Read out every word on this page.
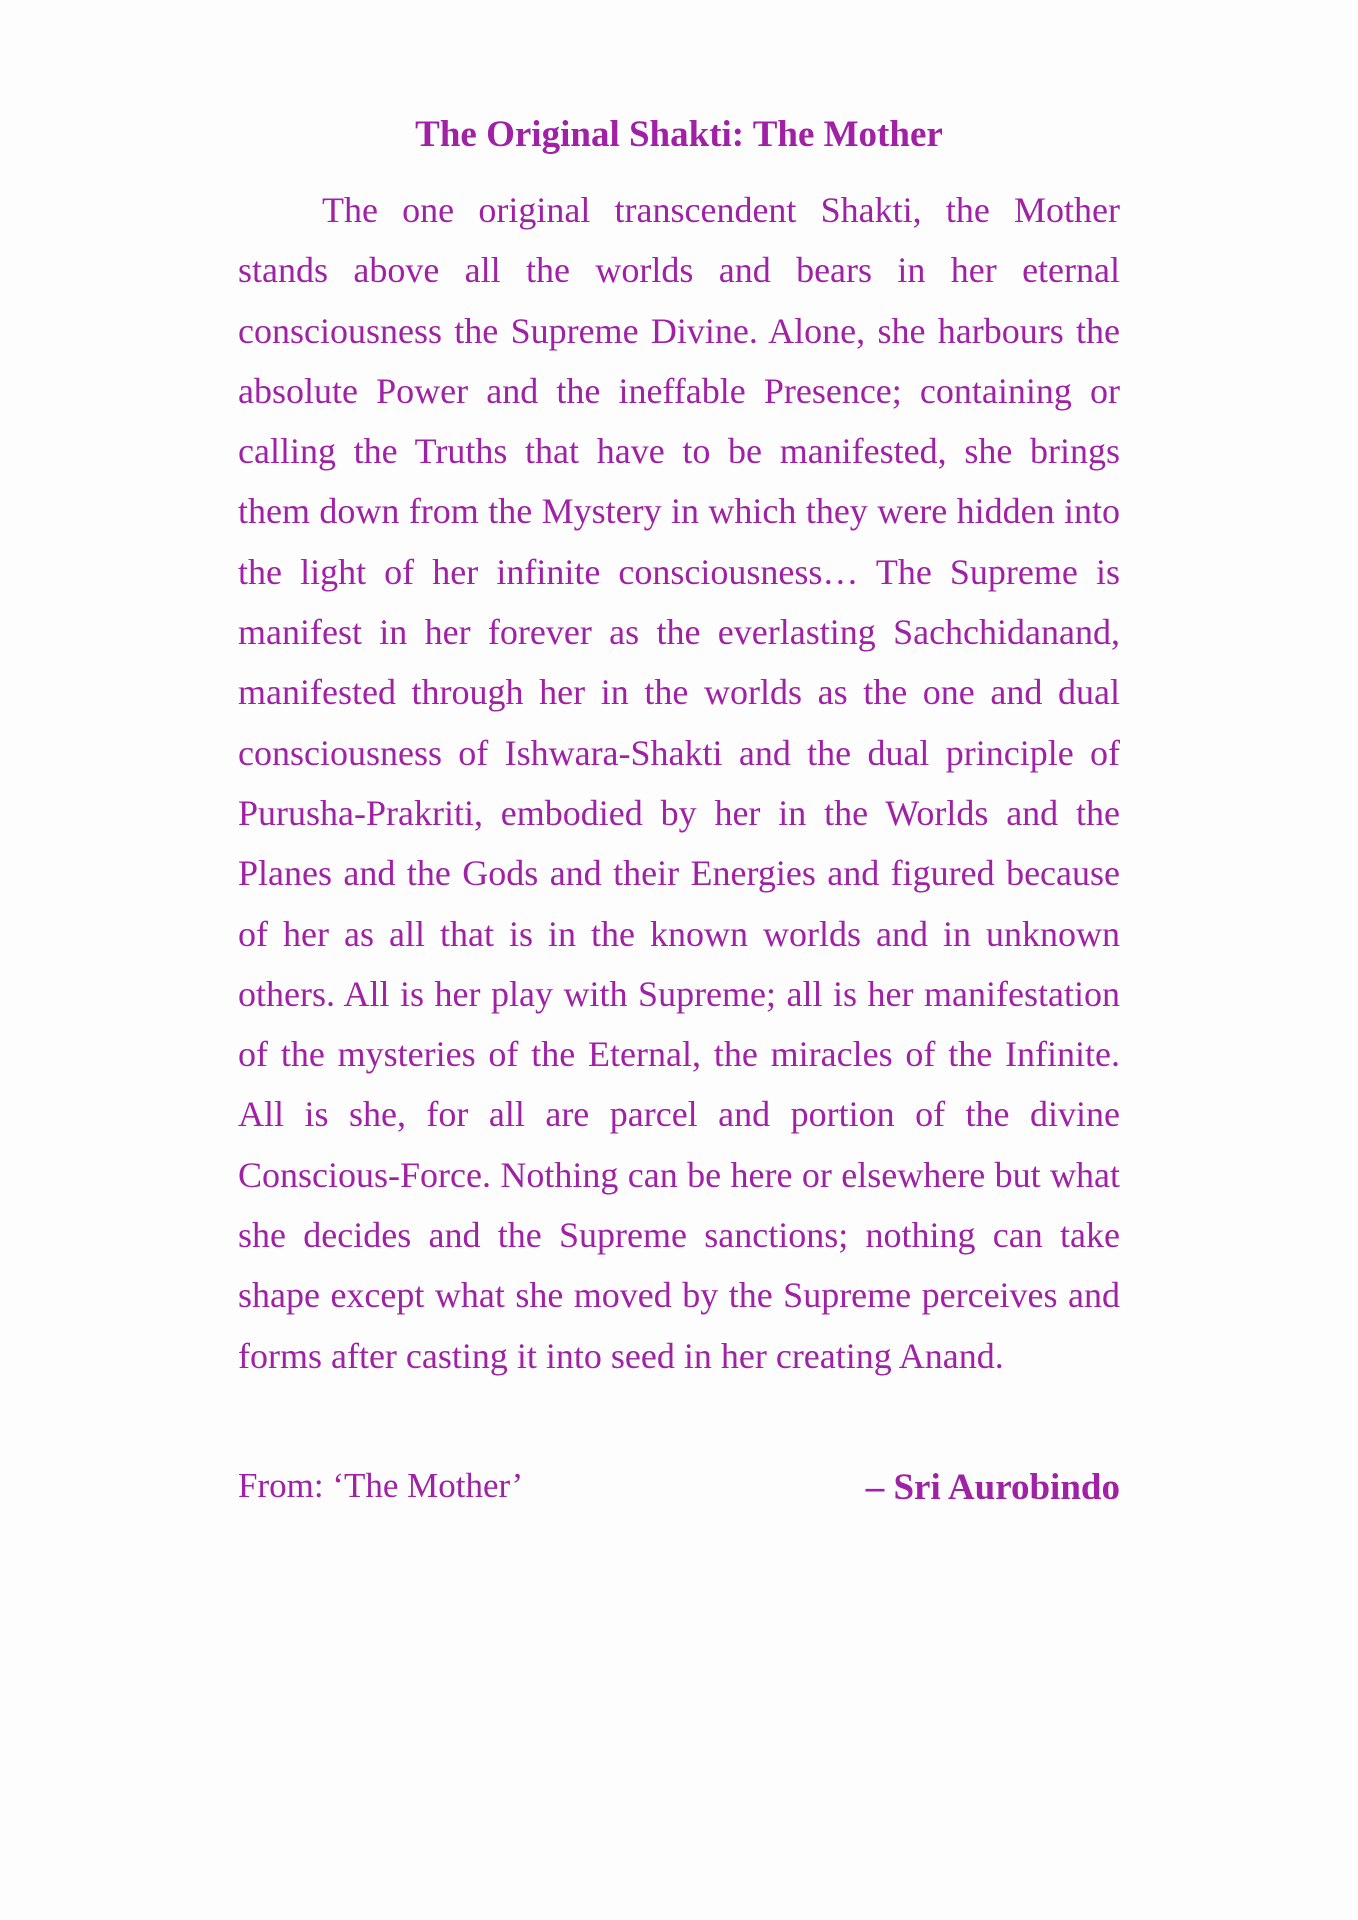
The Original Shakti: The Mother

The one original transcendent Shakti, the Mother stands above all the worlds and bears in her eternal consciousness the Supreme Divine. Alone, she harbours the absolute Power and the ineffable Presence; containing or calling the Truths that have to be manifested, she brings them down from the Mystery in which they were hidden into the light of her infinite consciousness… The Supreme is manifest in her forever as the everlasting Sachchidanand, manifested through her in the worlds as the one and dual consciousness of Ishwara-Shakti and the dual principle of Purusha-Prakriti, embodied by her in the Worlds and the Planes and the Gods and their Energies and figured because of her as all that is in the known worlds and in unknown others. All is her play with Supreme; all is her manifestation of the mysteries of the Eternal, the miracles of the Infinite. All is she, for all are parcel and portion of the divine Conscious-Force. Nothing can be here or elsewhere but what she decides and the Supreme sanctions; nothing can take shape except what she moved by the Supreme perceives and forms after casting it into seed in her creating Anand.

From: ‘The Mother’	– Sri Aurobindo
